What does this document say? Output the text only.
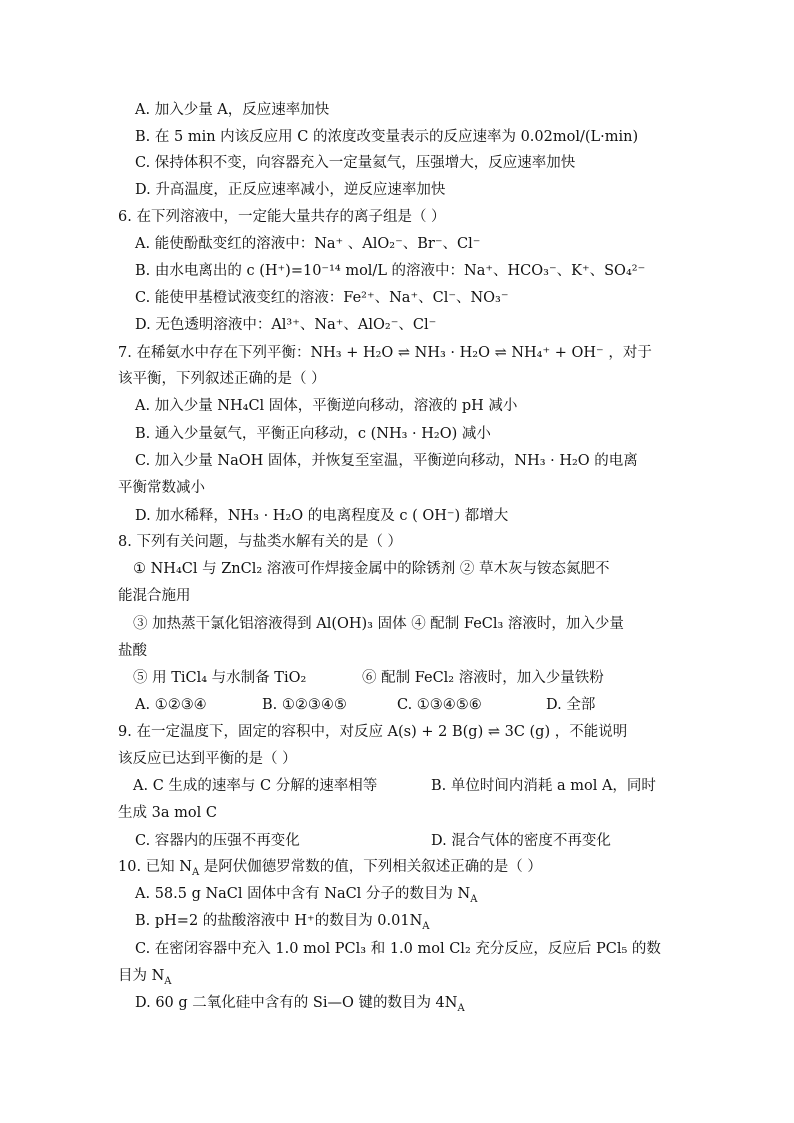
A. 加入少量 A，反应速率加快
B. 在 5 min 内该反应用 C 的浓度改变量表示的反应速率为 0.02mol/(L·min)
C. 保持体积不变，向容器充入一定量氦气，压强增大，反应速率加快
D. 升高温度，正反应速率减小，逆反应速率加快
6. 在下列溶液中，一定能大量共存的离子组是（ ）
A. 能使酚酞变红的溶液中：Na⁺ 、AlO₂⁻、Br⁻、Cl⁻
B. 由水电离出的 c (H⁺)=10⁻¹⁴ mol/L 的溶液中：Na⁺、HCO₃⁻、K⁺、SO₄²⁻
C. 能使甲基橙试液变红的溶液：Fe²⁺、Na⁺、Cl⁻、NO₃⁻
D. 无色透明溶液中：Al³⁺、Na⁺、AlO₂⁻、Cl⁻
7. 在稀氨水中存在下列平衡：NH₃ + H₂O ⇌ NH₃ · H₂O ⇌ NH₄⁺ + OH⁻ ，对于
该平衡，下列叙述正确的是（ ）
A. 加入少量 NH₄Cl 固体，平衡逆向移动，溶液的 pH 减小
B. 通入少量氨气，平衡正向移动，c (NH₃ · H₂O) 减小
C. 加入少量 NaOH 固体，并恢复至室温，平衡逆向移动，NH₃ · H₂O 的电离
平衡常数减小
D. 加水稀释，NH₃ · H₂O 的电离程度及 c ( OH⁻) 都增大
8. 下列有关问题，与盐类水解有关的是（ ）
① NH₄Cl 与 ZnCl₂ 溶液可作焊接金属中的除锈剂 ② 草木灰与铵态氮肥不
能混合施用
③ 加热蒸干氯化铝溶液得到 Al(OH)₃ 固体 ④ 配制 FeCl₃ 溶液时，加入少量
盐酸
⑤ 用 TiCl₄ 与水制备 TiO₂	⑥ 配制 FeCl₂ 溶液时，加入少量铁粉
A. ①②③④	B. ①②③④⑤	C. ①③④⑤⑥	D. 全部
9. 在一定温度下，固定的容积中，对反应 A(s) + 2 B(g) ⇌ 3C (g) ，不能说明
该反应已达到平衡的是（ ）
A. C 生成的速率与 C 分解的速率相等	B. 单位时间内消耗 a mol A，同时
生成 3a mol C
C. 容器内的压强不再变化	D. 混合气体的密度不再变化
10. 已知 $N_A$ 是阿伏伽德罗常数的值，下列相关叙述正确的是（ ）
A. 58.5 g NaCl 固体中含有 NaCl 分子的数目为 $N_A$
B. pH=2 的盐酸溶液中 H⁺的数目为 $0.01N_A$
C. 在密闭容器中充入 1.0 mol PCl₃ 和 1.0 mol Cl₂ 充分反应，反应后 PCl₅ 的数
目为 $N_A$
D. 60 g 二氧化硅中含有的 Si—O 键的数目为 $4N_A$
